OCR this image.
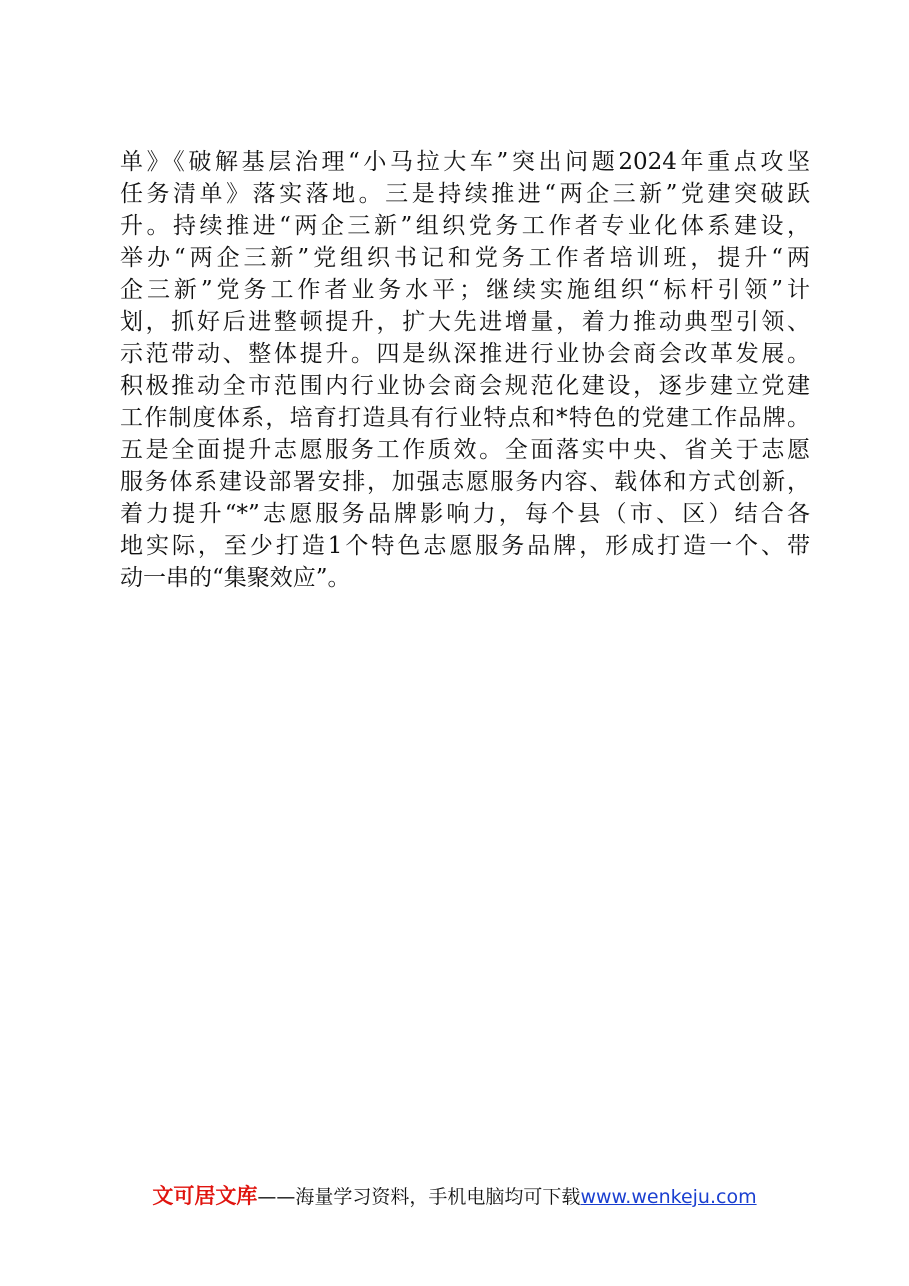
单》《破解基层治理“小马拉大车”突出问题2024年重点攻坚
任务清单》落实落地。三是持续推进“两企三新”党建突破跃
升。持续推进“两企三新”组织党务工作者专业化体系建设，
举办“两企三新”党组织书记和党务工作者培训班，提升“两
企三新”党务工作者业务水平；继续实施组织“标杆引领”计
划，抓好后进整顿提升，扩大先进增量，着力推动典型引领、
示范带动、整体提升。四是纵深推进行业协会商会改革发展。
积极推动全市范围内行业协会商会规范化建设，逐步建立党建
工作制度体系，培育打造具有行业特点和*特色的党建工作品牌。
五是全面提升志愿服务工作质效。全面落实中央、省关于志愿
服务体系建设部署安排，加强志愿服务内容、载体和方式创新，
着力提升“*”志愿服务品牌影响力，每个县（市、区）结合各
地实际，至少打造1个特色志愿服务品牌，形成打造一个、带
动一串的“集聚效应”。
文可居文库——海量学习资料，手机电脑均可下载www.wenkeju.com
